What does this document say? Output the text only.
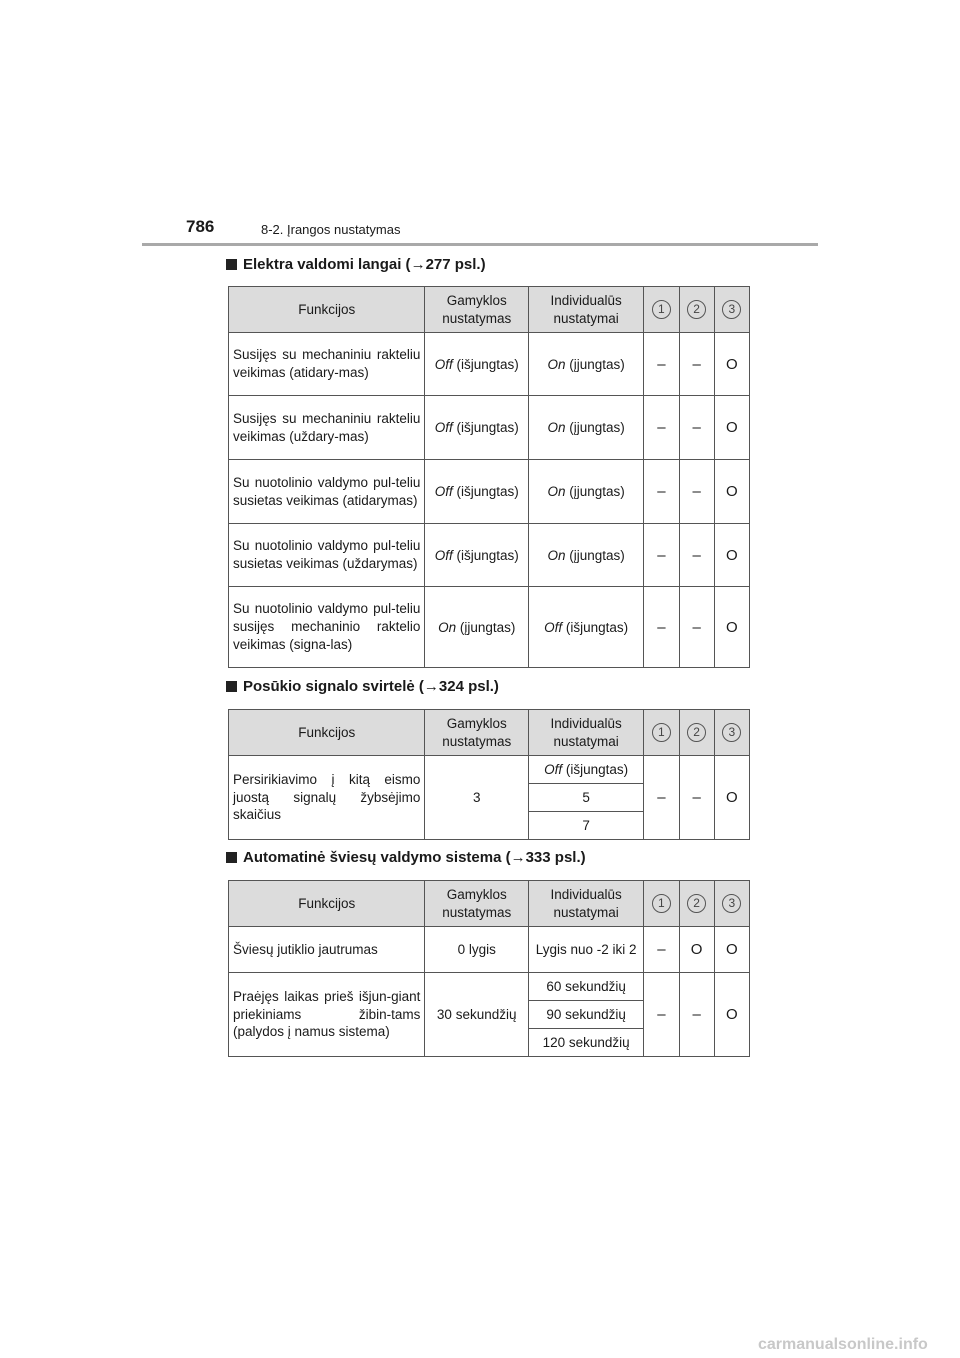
786	8-2. Įrangos nustatymas
Elektra valdomi langai (→277 psl.)
Funkcijos	Gamyklos nustatymas	Individualūs nustatymai	1	2	3
Susijęs su mechaniniu rakteliu veikimas (atidary-mas)	Off (išjungtas)	On (įjungtas)	–	–	O
Susijęs su mechaniniu rakteliu veikimas (uždary-mas)	Off (išjungtas)	On (įjungtas)	–	–	O
Su nuotolinio valdymo pul-teliu susietas veikimas (atidarymas)	Off (išjungtas)	On (įjungtas)	–	–	O
Su nuotolinio valdymo pul-teliu susietas veikimas (uždarymas)	Off (išjungtas)	On (įjungtas)	–	–	O
Su nuotolinio valdymo pul-teliu susijęs mechaninio raktelio veikimas (signa-las)	On (įjungtas)	Off (išjungtas)	–	–	O
Posūkio signalo svirtelė (→324 psl.)
Funkcijos	Gamyklos nustatymas	Individualūs nustatymai	1	2	3
Persirikiavimo į kitą eismo juostą signalų žybsėjimo skaičius	3	Off (išjungtas)	–	–	O
		5			
		7			
Automatinė šviesų valdymo sistema (→333 psl.)
Funkcijos	Gamyklos nustatymas	Individualūs nustatymai	1	2	3
Šviesų jutiklio jautrumas	0 lygis	Lygis nuo -2 iki 2	–	O	O
Praėjęs laikas prieš išjun-giant priekiniams žibin-tams (palydos į namus sistema)	30 sekundžių	60 sekundžių	–	–	O
		90 sekundžių			
		120 sekundžių			
carmanualsonline.info
